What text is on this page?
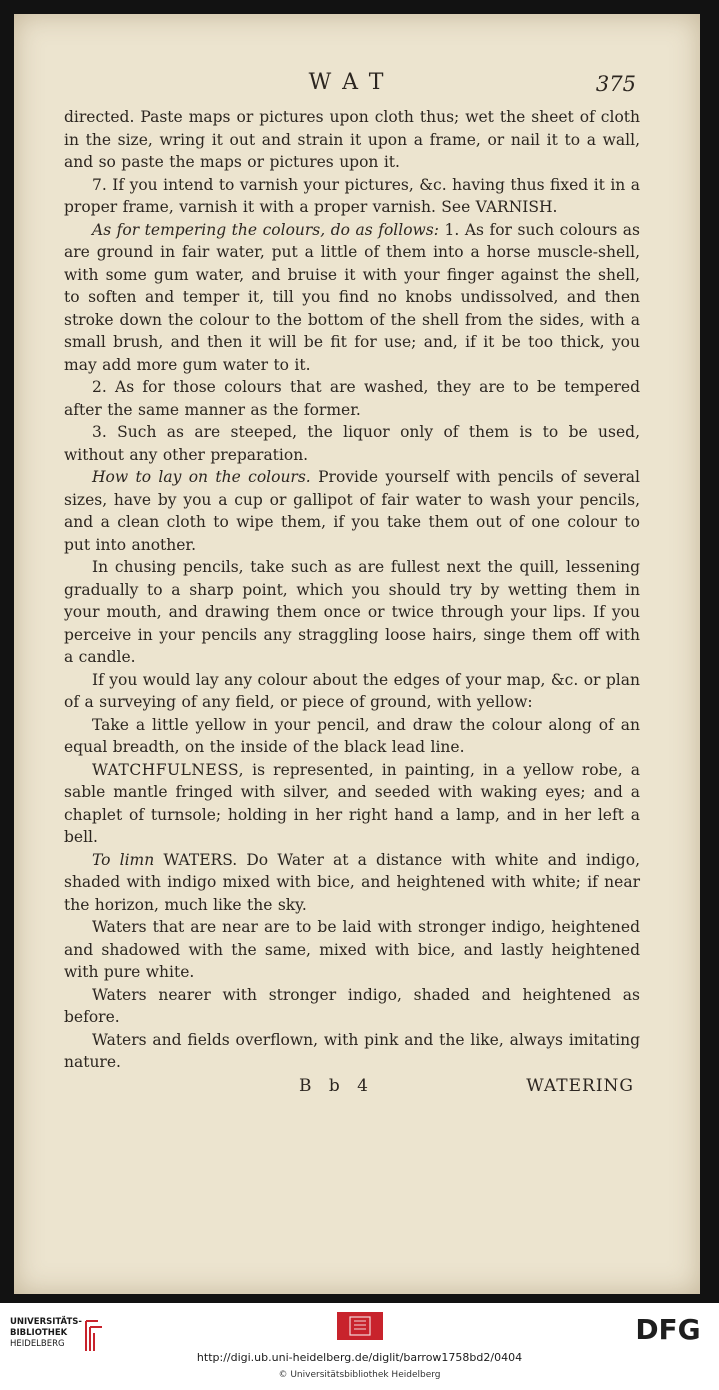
WAT	375

directed. Paste maps or pictures upon cloth thus; wet the sheet of cloth in the size, wring it out and strain it upon a frame, or nail it to a wall, and so paste the maps or pictures upon it.

7. If you intend to varnish your pictures, &c. having thus fixed it in a proper frame, varnish it with a proper varnish. See VARNISH.

As for tempering the colours, do as follows: 1. As for such colours as are ground in fair water, put a little of them into a horse muscle-shell, with some gum water, and bruise it with your finger against the shell, to soften and temper it, till you find no knobs undissolved, and then stroke down the colour to the bottom of the shell from the sides, with a small brush, and then it will be fit for use; and, if it be too thick, you may add more gum water to it.

2. As for those colours that are washed, they are to be tempered after the same manner as the former.

3. Such as are steeped, the liquor only of them is to be used, without any other preparation.

How to lay on the colours. Provide yourself with pencils of several sizes, have by you a cup or gallipot of fair water to wash your pencils, and a clean cloth to wipe them, if you take them out of one colour to put into another.

In chusing pencils, take such as are fullest next the quill, lessening gradually to a sharp point, which you should try by wetting them in your mouth, and drawing them once or twice through your lips. If you perceive in your pencils any straggling loose hairs, singe them off with a candle.

If you would lay any colour about the edges of your map, &c. or plan of a surveying of any field, or piece of ground, with yellow:

Take a little yellow in your pencil, and draw the colour along of an equal breadth, on the inside of the black lead line.

WATCHFULNESS, is represented, in painting, in a yellow robe, a sable mantle fringed with silver, and seeded with waking eyes; and a chaplet of turnsole; holding in her right hand a lamp, and in her left a bell.

To limn WATERS. Do Water at a distance with white and indigo, shaded with indigo mixed with bice, and heightened with white; if near the horizon, much like the sky.

Waters that are near are to be laid with stronger indigo, heightened and shadowed with the same, mixed with bice, and lastly heightened with pure white.

Waters nearer with stronger indigo, shaded and heightened as before.

Waters and fields overflown, with pink and the like, always imitating nature.

B b 4	WATERING
UNIVERSITÄTS-
BIBLIOTHEK
HEIDELBERG	DFG
http://digi.ub.uni-heidelberg.de/diglit/barrow1758bd2/0404
© Universitätsbibliothek Heidelberg
